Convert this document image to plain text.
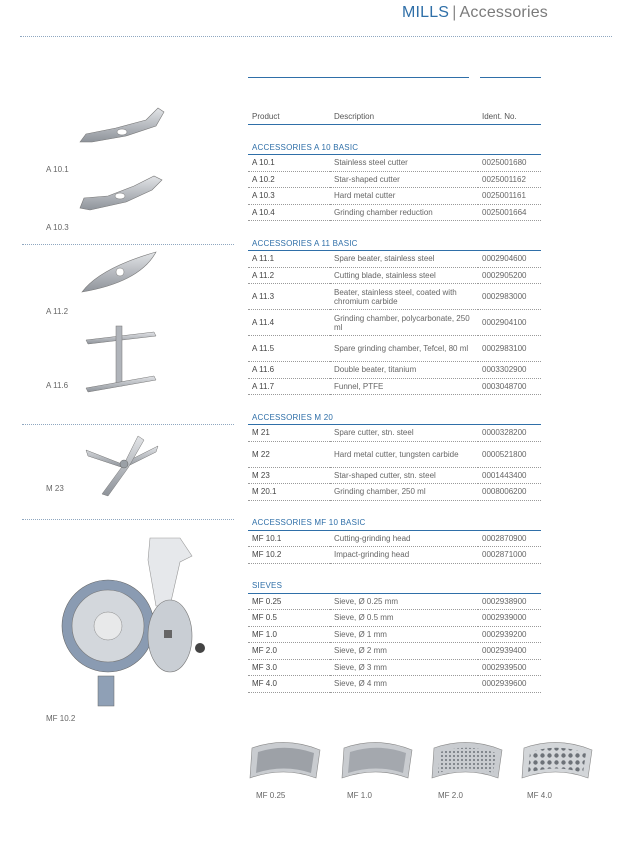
MILLS | Accessories
A 10.1
A 10.3
A 11.2
A 11.6
M 23
MF 10.2
Product	Description	Ident. No.

ACCESSORIES A 10 BASIC		
A 10.1	Stainless steel cutter	0025001680
A 10.2	Star-shaped cutter	0025001162
A 10.3	Hard metal cutter	0025001161
A 10.4	Grinding chamber reduction	0025001664

ACCESSORIES A 11 BASIC		
A 11.1	Spare beater, stainless steel	0002904600
A 11.2	Cutting blade, stainless steel	0002905200
A 11.3	Beater, stainless steel, coated with chromium carbide	0002983000
A 11.4	Grinding chamber, polycarbonate, 250 ml	0002904100
A 11.5	Spare grinding chamber, Tefcel, 80 ml	0002983100
A 11.6	Double beater, titanium	0003302900
A 11.7	Funnel, PTFE	0003048700

ACCESSORIES M 20		
M 21	Spare cutter, stn. steel	0000328200
M 22	Hard metal cutter, tungsten carbide	0000521800
M 23	Star-shaped cutter, stn. steel	0001443400
M 20.1	Grinding chamber, 250 ml	0008006200

ACCESSORIES MF 10 BASIC		
MF 10.1	Cutting-grinding head	0002870900
MF 10.2	Impact-grinding head	0002871000

SIEVES		
MF 0.25	Sieve, Ø 0.25 mm	0002938900
MF 0.5	Sieve, Ø 0.5 mm	0002939000
MF 1.0	Sieve, Ø 1 mm	0002939200
MF 2.0	Sieve, Ø 2 mm	0002939400
MF 3.0	Sieve, Ø 3 mm	0002939500
MF 4.0	Sieve, Ø 4 mm	0002939600
MF 0.25	MF 1.0	MF 2.0	MF 4.0
